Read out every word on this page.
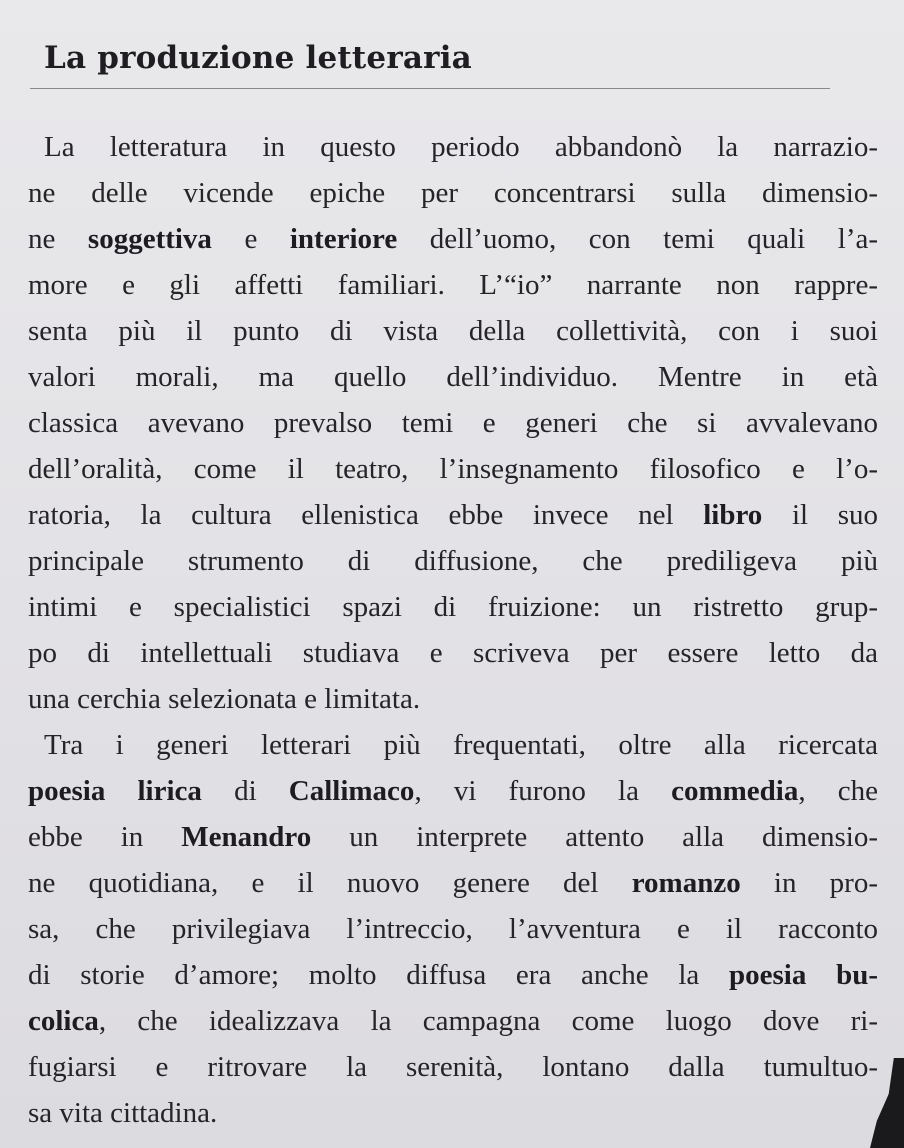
La produzione letteraria
La letteratura in questo periodo abbandonò la narrazio-
ne delle vicende epiche per concentrarsi sulla dimensio-
ne soggettiva e interiore dell’uomo, con temi quali l’a-
more e gli affetti familiari. L’“io” narrante non rappre-
senta più il punto di vista della collettività, con i suoi
valori morali, ma quello dell’individuo. Mentre in età
classica avevano prevalso temi e generi che si avvalevano
dell’oralità, come il teatro, l’insegnamento filosofico e l’o-
ratoria, la cultura ellenistica ebbe invece nel libro il suo
principale strumento di diffusione, che prediligeva più
intimi e specialistici spazi di fruizione: un ristretto grup-
po di intellettuali studiava e scriveva per essere letto da
una cerchia selezionata e limitata.
Tra i generi letterari più frequentati, oltre alla ricercata
poesia lirica di Callimaco, vi furono la commedia, che
ebbe in Menandro un interprete attento alla dimensio-
ne quotidiana, e il nuovo genere del romanzo in pro-
sa, che privilegiava l’intreccio, l’avventura e il racconto
di storie d’amore; molto diffusa era anche la poesia bu-
colica, che idealizzava la campagna come luogo dove ri-
fugiarsi e ritrovare la serenità, lontano dalla tumultuo-
sa vita cittadina.
